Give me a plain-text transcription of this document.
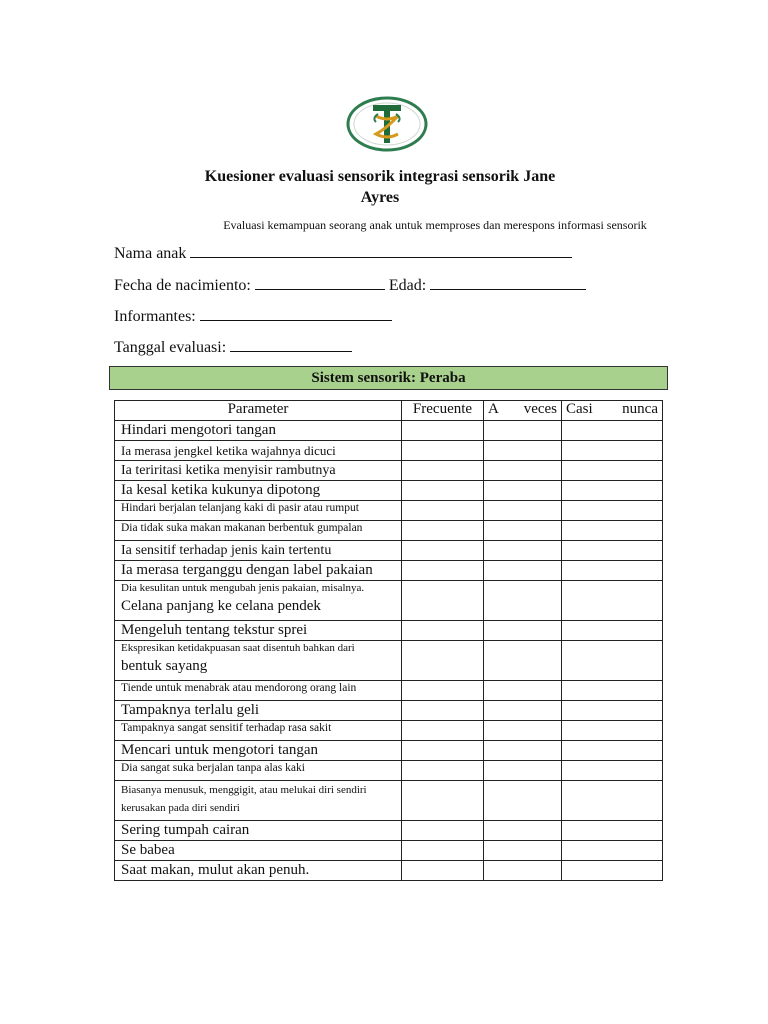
Kuesioner evaluasi sensorik integrasi sensorik Jane
Ayres
Evaluasi kemampuan seorang anak untuk memproses dan merespons informasi sensorik
Nama anak
Fecha de nacimiento:	Edad:
Informantes:
Tanggal evaluasi:
Sistem sensorik: Peraba
Parameter	Frecuente	A veces	Casi nunca

Hindari mengotori tangan			

Ia merasa jengkel ketika wajahnya dicuci			

Ia teriritasi ketika menyisir rambutnya			

Ia kesal ketika kukunya dipotong			

Hindari berjalan telanjang kaki di pasir atau rumput			

Dia tidak suka makan makanan berbentuk gumpalan			

Ia sensitif terhadap jenis kain tertentu			

Ia merasa terganggu dengan label pakaian			

Dia kesulitan untuk mengubah jenis pakaian, misalnya.
Celana panjang ke celana pendek			

Mengeluh tentang tekstur sprei			

Ekspresikan ketidakpuasan saat disentuh bahkan dari
bentuk sayang			

Tiende untuk menabrak atau mendorong orang lain			

Tampaknya terlalu geli			

Tampaknya sangat sensitif terhadap rasa sakit			

Mencari untuk mengotori tangan			

Dia sangat suka berjalan tanpa alas kaki			

Biasanya menusuk, menggigit, atau melukai diri sendiri
kerusakan pada diri sendiri			

Sering tumpah cairan			

Se babea			

Saat makan, mulut akan penuh.			
